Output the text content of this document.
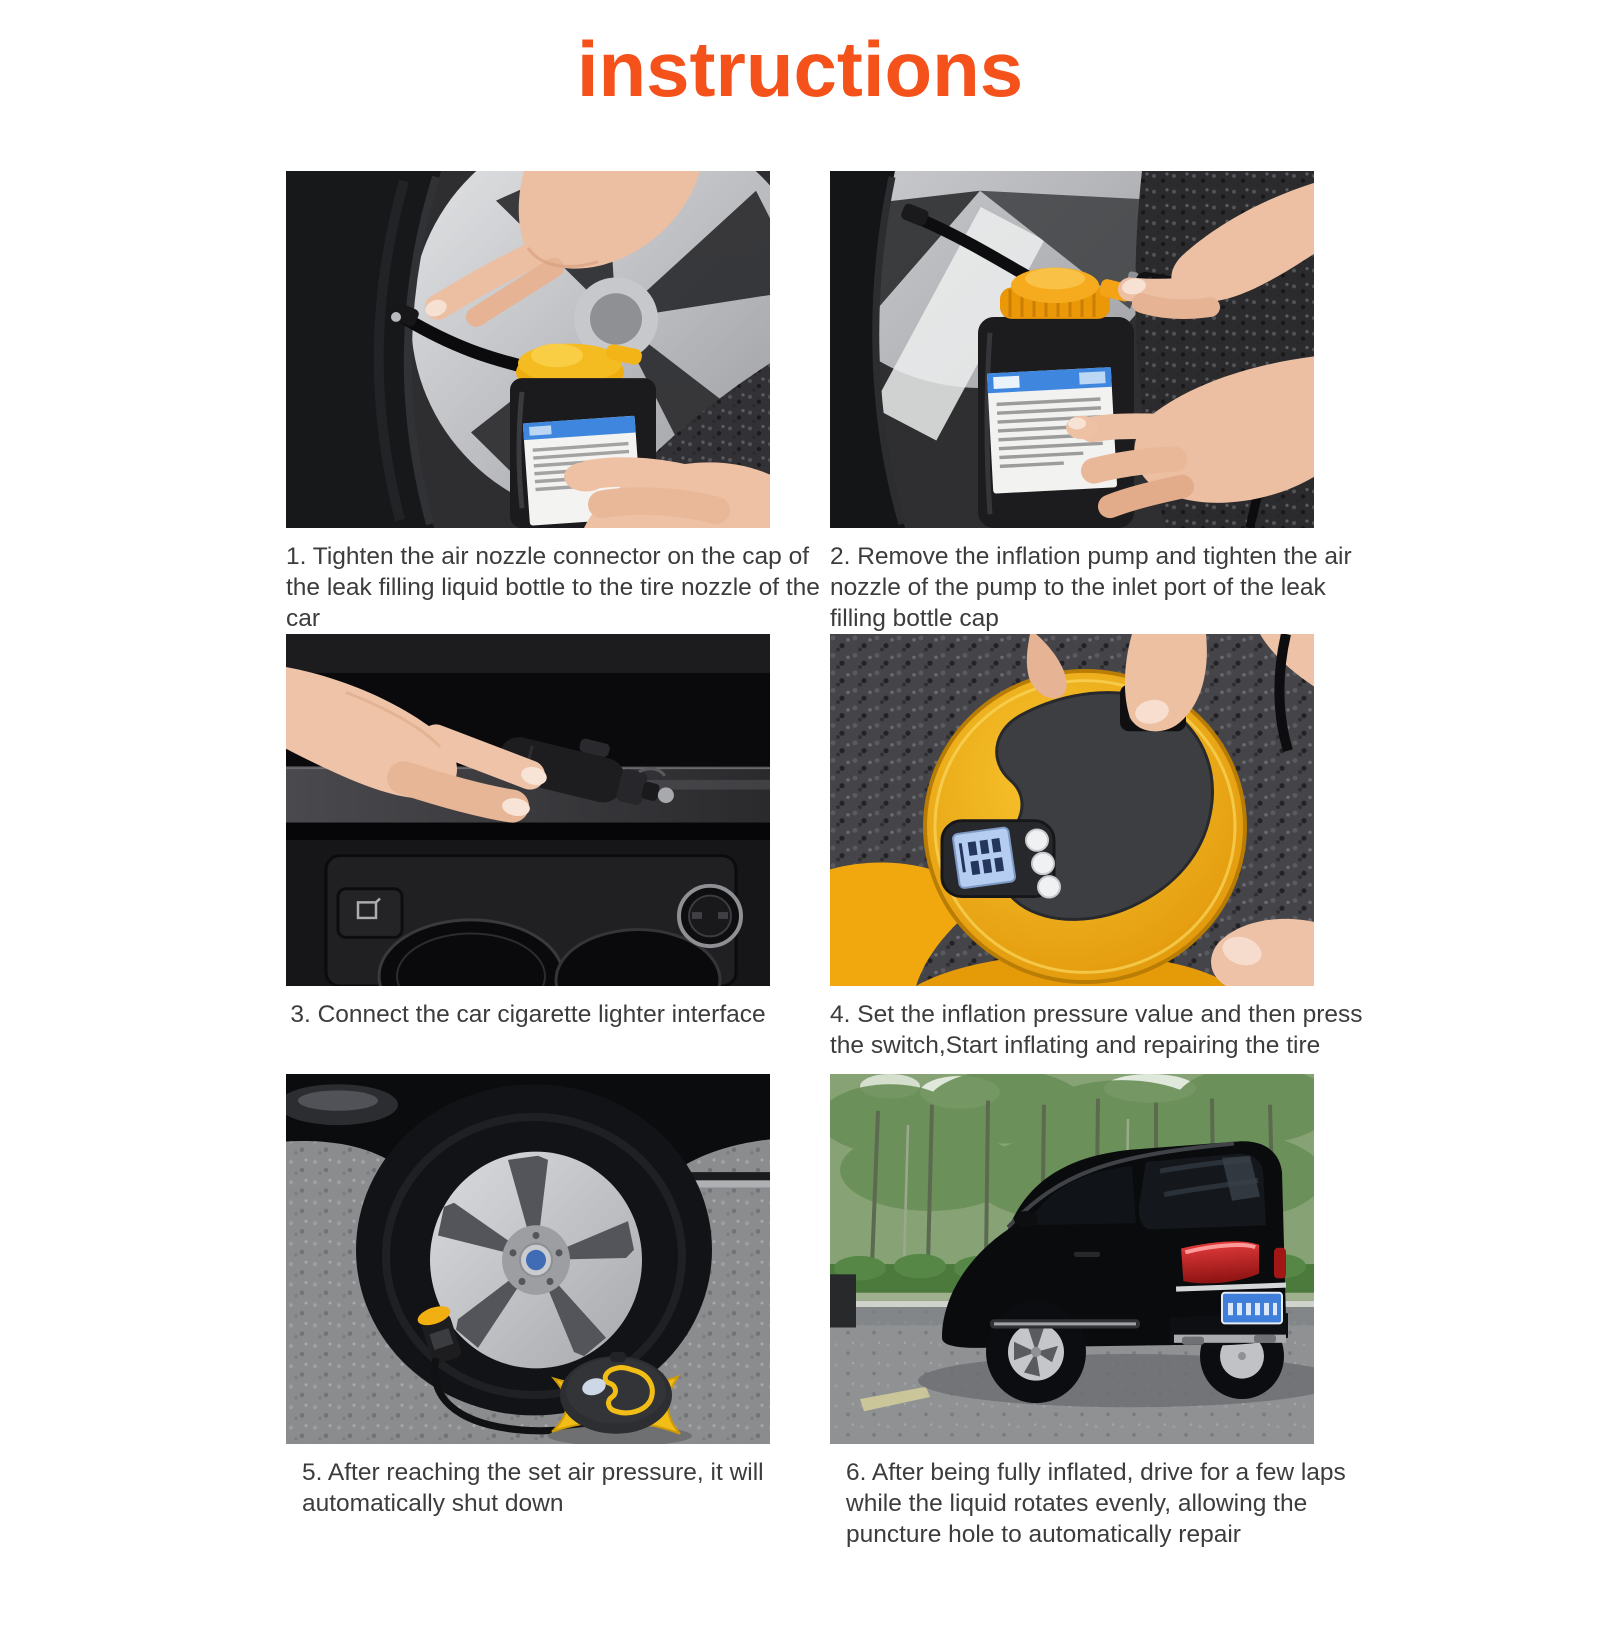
instructions
1. Tighten the air nozzle connector on the cap of the leak filling liquid bottle to the tire nozzle of the car
2. Remove the inflation pump and tighten the air nozzle of the pump to the inlet port of the leak filling bottle cap
3. Connect the car cigarette lighter interface	4. Set the inflation pressure value and then press the switch,Start inflating and repairing the tire
5. After reaching the set air pressure, it will automatically shut down
6. After being fully inflated, drive for a few laps while the liquid rotates evenly, allowing the puncture hole to automatically repair
